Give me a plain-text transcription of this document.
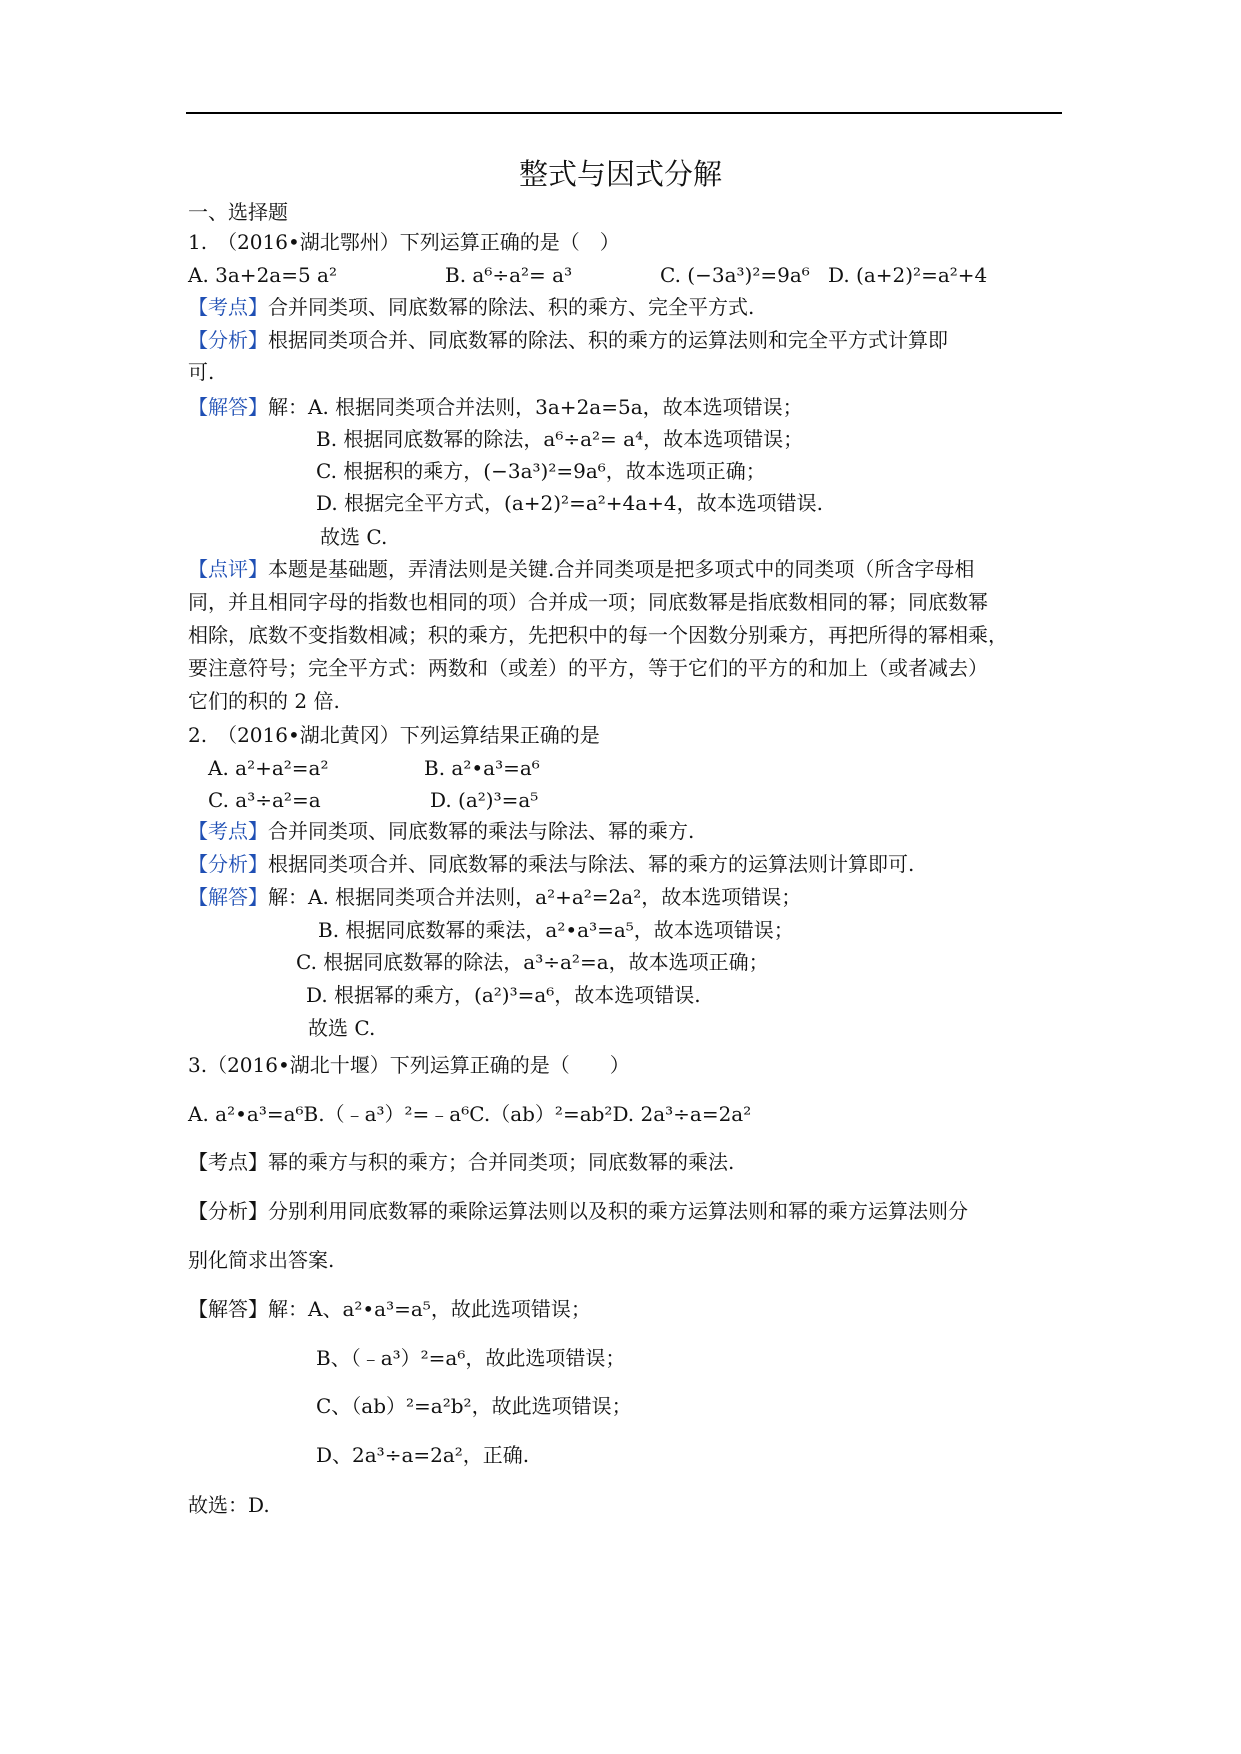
整式与因式分解
一、选择题
1.　（2016•湖北鄂州）下列运算正确的是（　）
A. 3a+2a=5 a²	B. a⁶÷a²= a³	C. (−3a³)²=9a⁶ D. (a+2)²=a²+4
【考点】合并同类项、同底数幂的除法、积的乘方、完全平方式.
【分析】根据同类项合并、同底数幂的除法、积的乘方的运算法则和完全平方式计算即
可.
【解答】解：A. 根据同类项合并法则，3a+2a=5a，故本选项错误；
B. 根据同底数幂的除法，a⁶÷a²= a⁴，故本选项错误；
C. 根据积的乘方，(−3a³)²=9a⁶，故本选项正确；
D. 根据完全平方式，(a+2)²=a²+4a+4，故本选项错误.
故选 C.
【点评】本题是基础题，弄清法则是关键.合并同类项是把多项式中的同类项（所含字母相
同，并且相同字母的指数也相同的项）合并成一项；同底数幂是指底数相同的幂；同底数幂
相除，底数不变指数相减；积的乘方，先把积中的每一个因数分别乘方，再把所得的幂相乘，
要注意符号；完全平方式：两数和（或差）的平方，等于它们的平方的和加上（或者减去）
它们的积的 2 倍.
2.　（2016•湖北黄冈）下列运算结果正确的是
A. a²+a²=a²	B. a²•a³=a⁶
C. a³÷a²=a	D. (a²)³=a⁵
【考点】合并同类项、同底数幂的乘法与除法、幂的乘方.
【分析】根据同类项合并、同底数幂的乘法与除法、幂的乘方的运算法则计算即可.
【解答】解：A. 根据同类项合并法则，a²+a²=2a²，故本选项错误；
B. 根据同底数幂的乘法，a²•a³=a⁵，故本选项错误；
C. 根据同底数幂的除法，a³÷a²=a，故本选项正确；
D. 根据幂的乘方，(a²)³=a⁶，故本选项错误.
故选 C.
3.（2016•湖北十堰）下列运算正确的是（　　）
A. a²•a³=a⁶B.（﹣a³）²=﹣a⁶C.（ab）²=ab²D. 2a³÷a=2a²
【考点】幂的乘方与积的乘方；合并同类项；同底数幂的乘法.
【分析】分别利用同底数幂的乘除运算法则以及积的乘方运算法则和幂的乘方运算法则分
别化简求出答案.
【解答】解：A、a²•a³=a⁵，故此选项错误；
B、（﹣a³）²=a⁶，故此选项错误；
C、（ab）²=a²b²，故此选项错误；
D、2a³÷a=2a²，正确.
故选：D.
